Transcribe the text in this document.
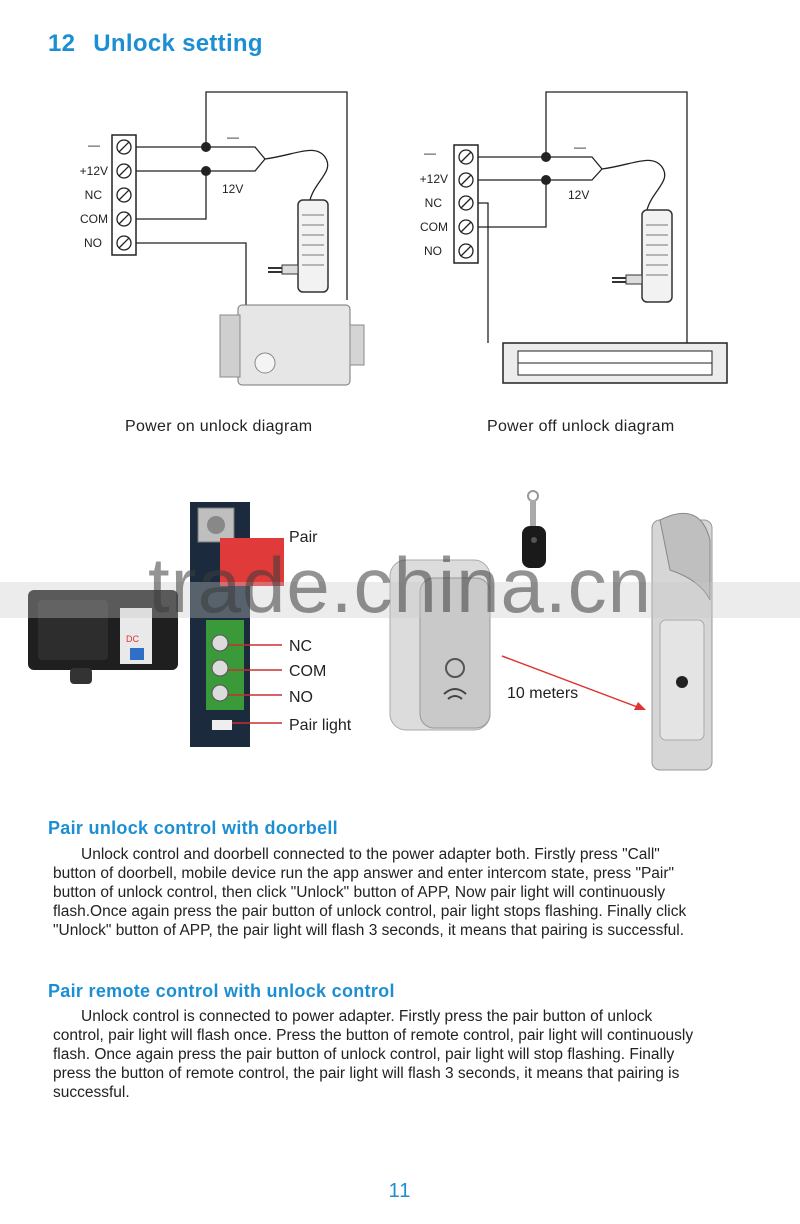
12 Unlock setting
—
+12V
NC
COM
NO
—
12V
Power on unlock diagram
—
+12V
NC
COM
NO
—
12V
Power off unlock diagram
DC
Pair
NC
COM
NO
Pair light
10 meters
trade.china.cn
Pair unlock control with doorbell

Unlock control and doorbell connected to the power adapter both. Firstly press "Call" button of doorbell, mobile device run the app answer and enter intercom state, press "Pair" button of unlock control, then click "Unlock" button of APP, Now pair light will continuously flash.Once again press the pair button of unlock control, pair light stops flashing. Finally click "Unlock" button of APP, the pair light will flash 3 seconds, it means that pairing is successful.

Pair remote control with unlock control

Unlock control is connected to power adapter. Firstly press the pair button of unlock control, pair light will flash once. Press the button of remote control, pair light will continuously flash. Once again press the pair button of unlock control, pair light will stop flashing. Finally press the button of remote control, the pair light will flash 3 seconds, it means that pairing is successful.

11
